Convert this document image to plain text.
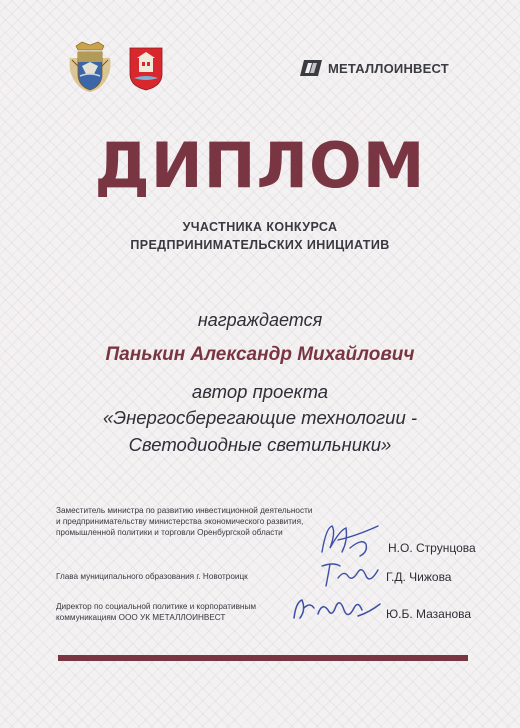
МЕТАЛЛОИНВЕСТ
ДИПЛОМ
УЧАСТНИКА КОНКУРСА
ПРЕДПРИНИМАТЕЛЬСКИХ ИНИЦИАТИВ
награждается
Панькин Александр Михайлович
автор проекта
«Энергосберегающие технологии -
Светодиодные светильники»
Заместитель министра по развитию инвестиционной деятельности и предпринимательству министерства экономического развития, промышленной политики и торговли Оренбургской области
Глава муниципального образования г. Новотроицк
Директор по социальной политике и корпоративным коммуникациям ООО УК МЕТАЛЛОИНВЕСТ
Н.О. Струнцова
Г.Д. Чижова
Ю.Б. Мазанова
